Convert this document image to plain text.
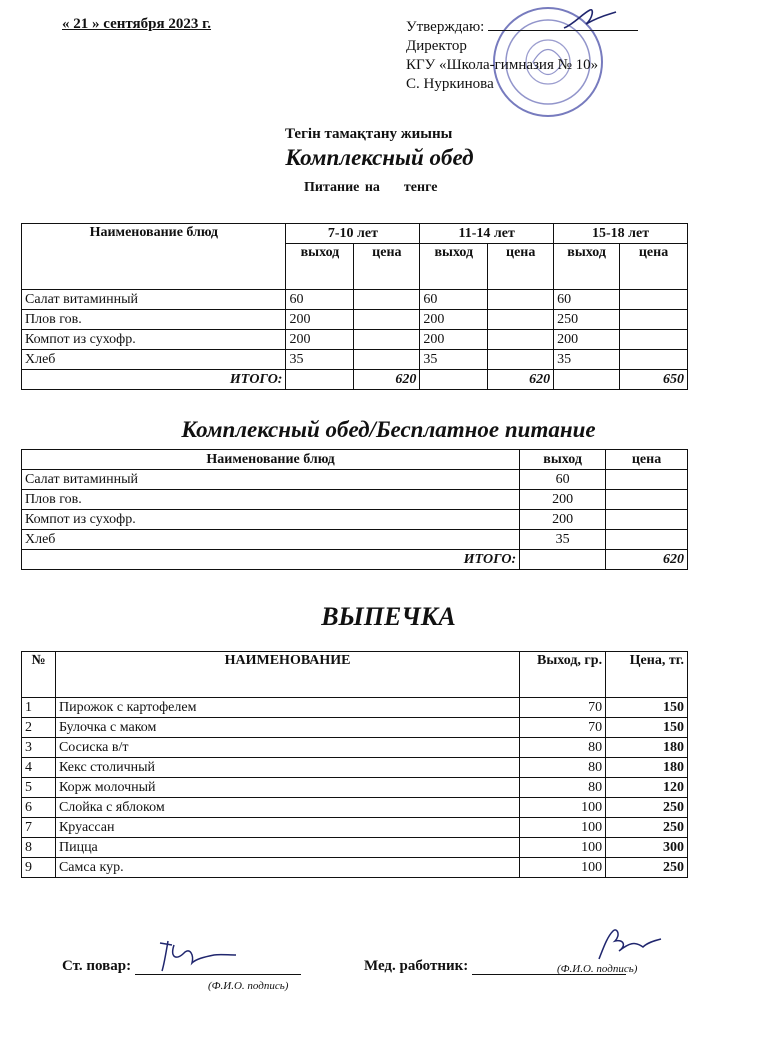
« 21 » сентября 2023 г.	Утверждаю:
Директор
КГУ «Школа-гимназия № 10»
С. Нуркинова
Тегін тамақтану жиыны
Комплексный обед
Питание на тенге
Наименование блюд	7-10 лет		11-14 лет		15-18 лет	
	выход	цена	выход	цена	выход	цена
Салат витаминный	60		60		60	
Плов гов.	200		200		250	
Компот из сухофр.	200		200		200	
Хлеб	35		35		35	
ИТОГО:		620		620		650
Комплексный обед/Бесплатное питание
Наименование блюд	выход	цена
Салат витаминный	60	
Плов гов.	200	
Компот из сухофр.	200	
Хлеб	35	
ИТОГО:		620
ВЫПЕЧКА
№	НАИМЕНОВАНИЕ	Выход, гр.	Цена, тг.
1	Пирожок с картофелем	70	150
2	Булочка с маком	70	150
3	Сосиска в/т	80	180
4	Кекс столичный	80	180
5	Корж молочный	80	120
6	Слойка с яблоком	100	250
7	Круассан	100	250
8	Пицца	100	300
9	Самса кур.	100	250
Ст. повар:
(Ф.И.О. подпись)
Мед. работник:	(Ф.И.О. подпись)
